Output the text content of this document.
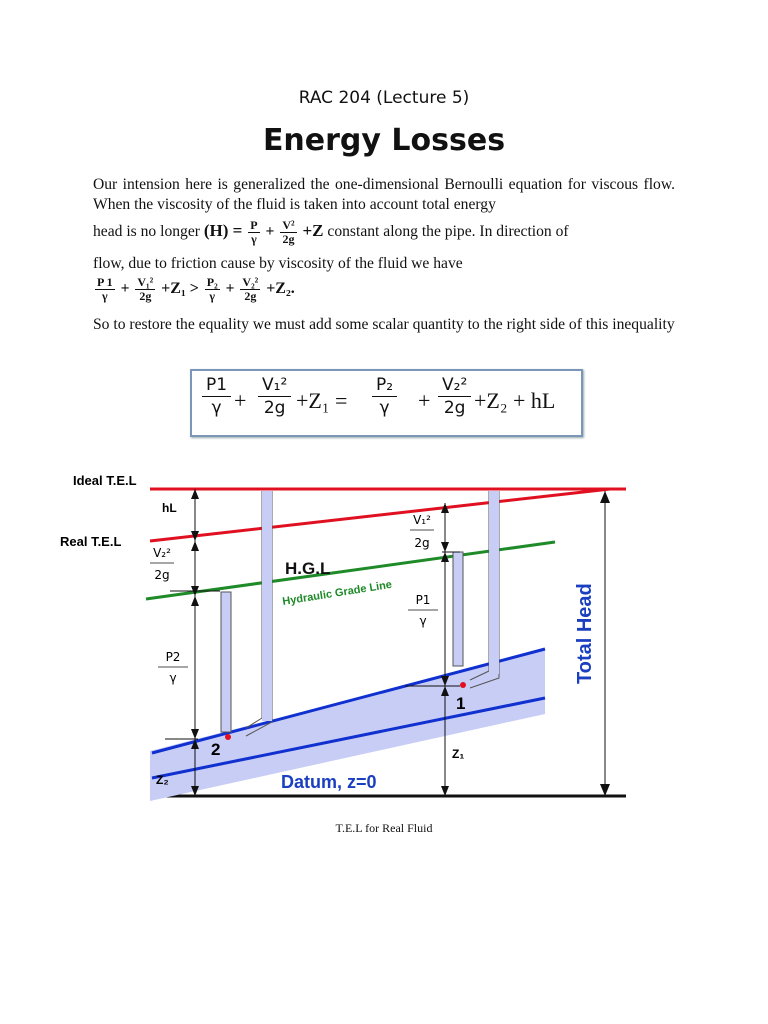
RAC 204 (Lecture 5)
Energy Losses
Our intension here is generalized the one-dimensional Bernoulli equation for viscous flow. When the viscosity of the fluid is taken into account total energy
head is no longer $(H) = \frac{P}{\gamma} + \frac{\text{V²}}{2g} +Z$ constant along the pipe. In direction of
flow, due to friction cause by viscosity of the fluid we have
$\frac{P 1}{\gamma} + \frac{\text{V₁²}}{2g} +Z_1 > \frac{\text{P₂}}{\gamma} + \frac{\text{V₂²}}{2g} +Z_2$.
So to restore the equality we must add some scalar quantity to the right side of this inequality
$\frac{P1}{\gamma} + \frac{\text{V₁²}}{2g} +Z_1 = \frac{\text{P₂}}{\gamma} + \frac{\text{V₂²}}{2g} +Z_2$ + hL
Ideal T.E.L
Real T.E.L
hL
V₂²
2g
V₁²
2g
P2
γ
P1
γ
H.G.L
Hydraulic Grade Line	Total Head
Datum, z=0
1
2	Z₁
Z₂
T.E.L for Real Fluid
